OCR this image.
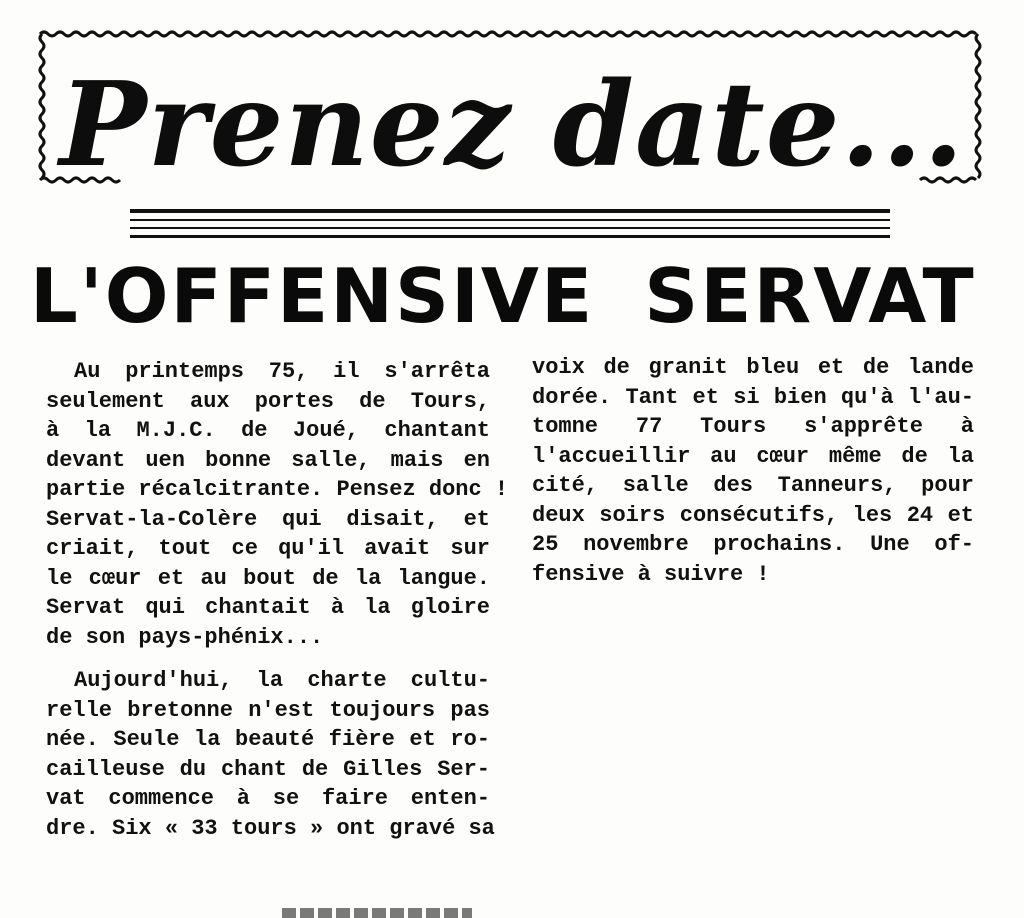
Prenez date...
L'OFFENSIVE SERVAT

Au printemps 75, il s'arrêta
seulement aux portes de Tours,
à la M.J.C. de Joué, chantant
devant uen bonne salle, mais en
partie récalcitrante. Pensez donc !
Servat-la-Colère qui disait, et
criait, tout ce qu'il avait sur
le cœur et au bout de la langue.
Servat qui chantait à la gloire
de son pays-phénix...

Aujourd'hui, la charte cultu-
relle bretonne n'est toujours pas
née. Seule la beauté fière et ro-
cailleuse du chant de Gilles Ser-
vat commence à se faire enten-
dre. Six « 33 tours » ont gravé sa

voix de granit bleu et de lande
dorée. Tant et si bien qu'à l'au-
tomne 77 Tours s'apprête à
l'accueillir au cœur même de la
cité, salle des Tanneurs, pour
deux soirs consécutifs, les 24 et
25 novembre prochains. Une of-
fensive à suivre !
